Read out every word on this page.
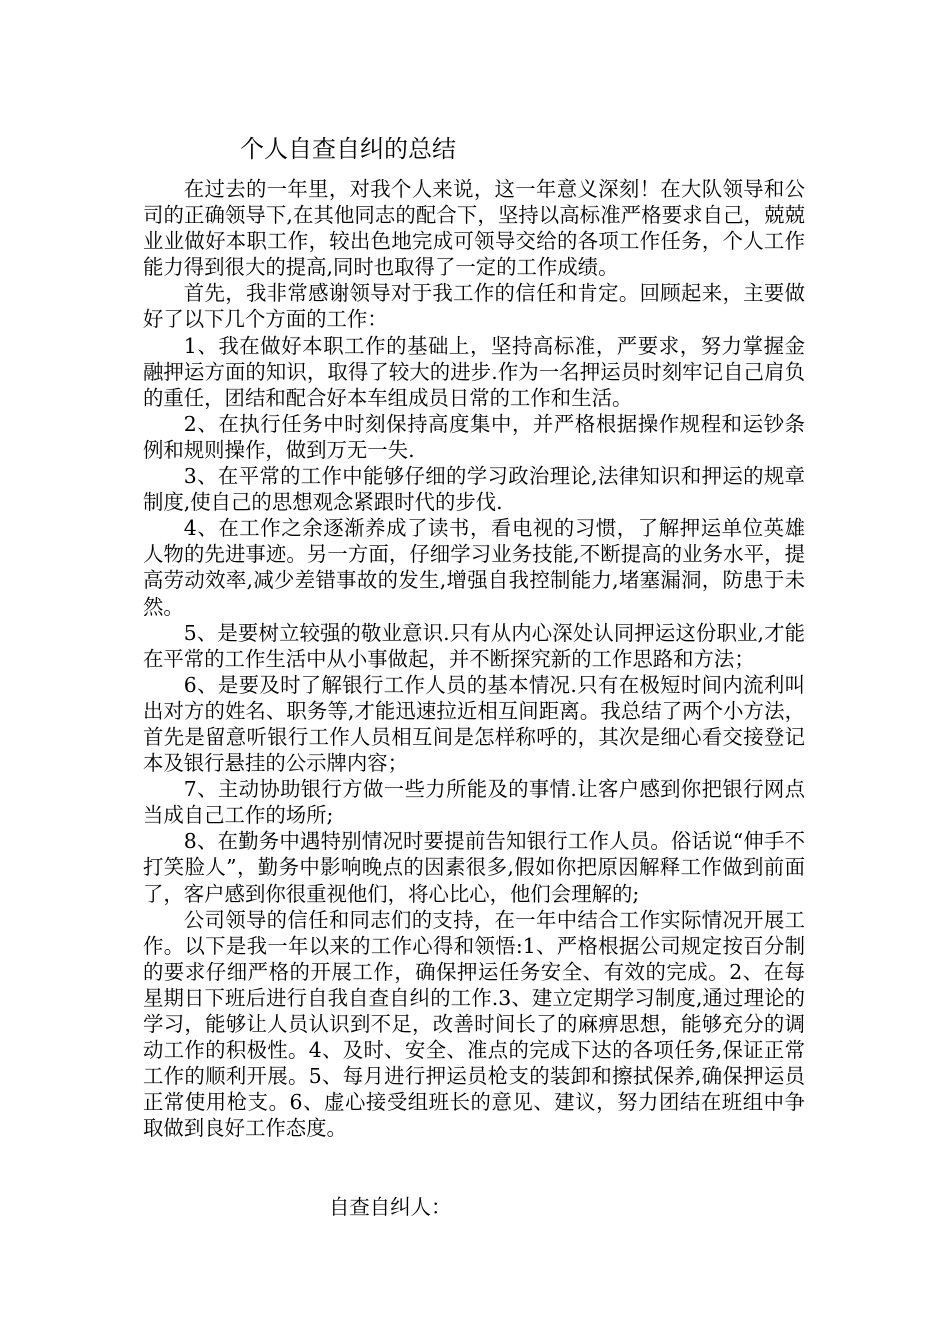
个人自查自纠的总结

在过去的一年里，对我个人来说，这一年意义深刻！在大队领导和公司的正确领导下,在其他同志的配合下，坚持以高标准严格要求自己，兢兢业业做好本职工作，较出色地完成可领导交给的各项工作任务，个人工作能力得到很大的提高,同时也取得了一定的工作成绩。

首先，我非常感谢领导对于我工作的信任和肯定。回顾起来，主要做好了以下几个方面的工作：

1、我在做好本职工作的基础上，坚持高标准，严要求，努力掌握金融押运方面的知识，取得了较大的进步.作为一名押运员时刻牢记自己肩负的重任，团结和配合好本车组成员日常的工作和生活。

2、在执行任务中时刻保持高度集中，并严格根据操作规程和运钞条例和规则操作，做到万无一失.

3、在平常的工作中能够仔细的学习政治理论,法律知识和押运的规章制度,使自己的思想观念紧跟时代的步伐.

4、在工作之余逐渐养成了读书，看电视的习惯，了解押运单位英雄人物的先进事迹。另一方面，仔细学习业务技能,不断提高的业务水平，提高劳动效率,减少差错事故的发生,增强自我控制能力,堵塞漏洞，防患于未然。

5、是要树立较强的敬业意识.只有从内心深处认同押运这份职业,才能在平常的工作生活中从小事做起，并不断探究新的工作思路和方法；

6、是要及时了解银行工作人员的基本情况.只有在极短时间内流利叫出对方的姓名、职务等,才能迅速拉近相互间距离。我总结了两个小方法，首先是留意听银行工作人员相互间是怎样称呼的，其次是细心看交接登记本及银行悬挂的公示牌内容；

7、主动协助银行方做一些力所能及的事情.让客户感到你把银行网点当成自己工作的场所;

8、在勤务中遇特别情况时要提前告知银行工作人员。俗话说“伸手不打笑脸人”，勤务中影响晚点的因素很多,假如你把原因解释工作做到前面了，客户感到你很重视他们，将心比心，他们会理解的;

公司领导的信任和同志们的支持，在一年中结合工作实际情况开展工作。以下是我一年以来的工作心得和领悟:1、严格根据公司规定按百分制的要求仔细严格的开展工作，确保押运任务安全、有效的完成。2、在每星期日下班后进行自我自查自纠的工作.3、建立定期学习制度,通过理论的学习，能够让人员认识到不足，改善时间长了的麻痹思想，能够充分的调动工作的积极性。4、及时、安全、准点的完成下达的各项任务,保证正常工作的顺利开展。5、每月进行押运员枪支的装卸和擦拭保养,确保押运员正常使用枪支。6、虚心接受组班长的意见、建议，努力团结在班组中争取做到良好工作态度。

自查自纠人：
